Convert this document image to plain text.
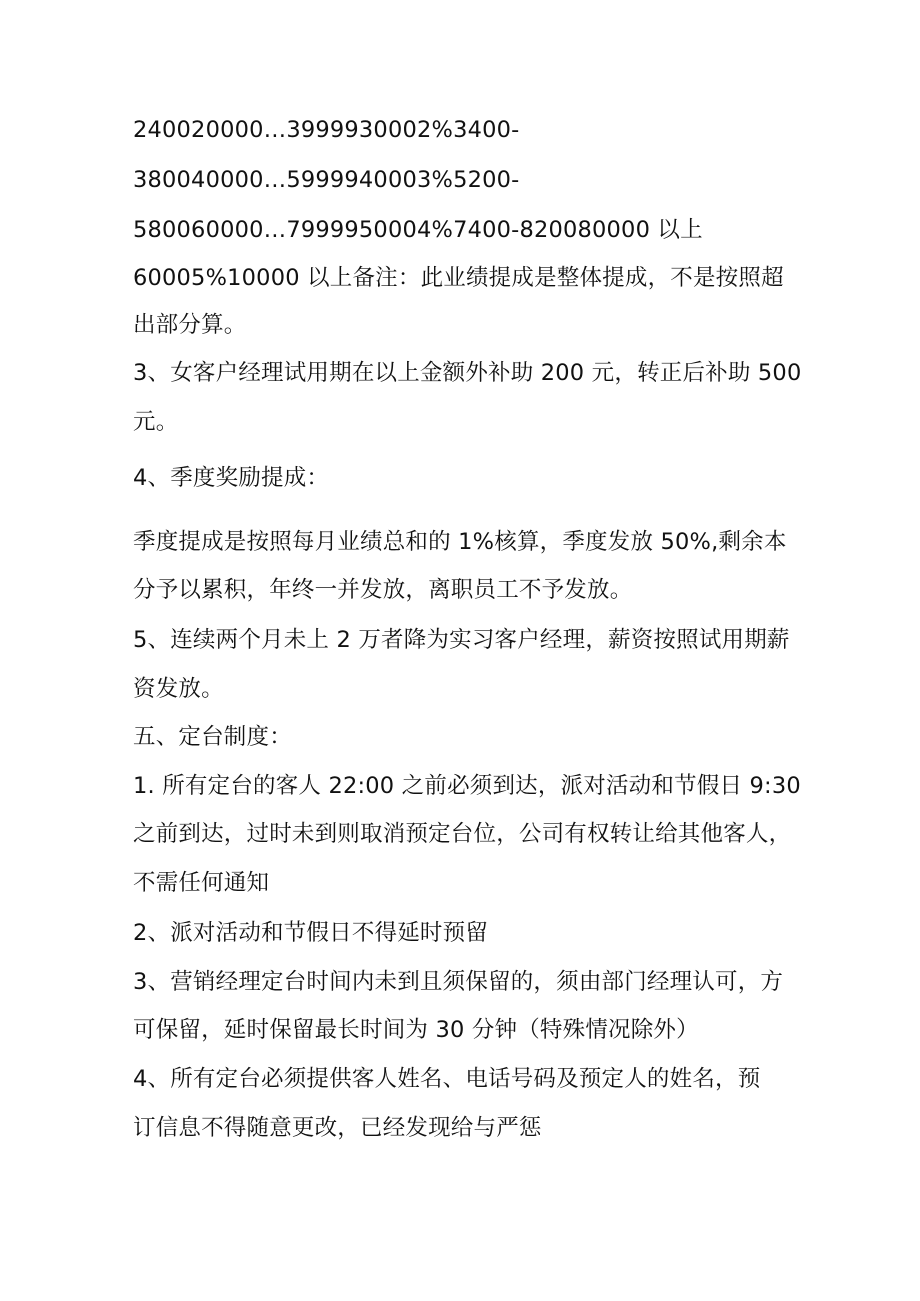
240020000…3999930002%3400-
380040000…5999940003%5200-
580060000…7999950004%7400-820080000 以上
60005%10000 以上备注：此业绩提成是整体提成，不是按照超
出部分算。
3、女客户经理试用期在以上金额外补助 200 元，转正后补助 500
元。
4、季度奖励提成：
季度提成是按照每月业绩总和的 1%核算，季度发放 50%,剩余本
分予以累积，年终一并发放，离职员工不予发放。
5、连续两个月未上 2 万者降为实习客户经理，薪资按照试用期薪
资发放。
五、定台制度：
1. 所有定台的客人 22:00 之前必须到达，派对活动和节假日 9:30
之前到达，过时未到则取消预定台位，公司有权转让给其他客人，
不需任何通知
2、派对活动和节假日不得延时预留
3、营销经理定台时间内未到且须保留的，须由部门经理认可，方
可保留，延时保留最长时间为 30 分钟（特殊情况除外）
4、所有定台必须提供客人姓名、电话号码及预定人的姓名，预
订信息不得随意更改，已经发现给与严惩
